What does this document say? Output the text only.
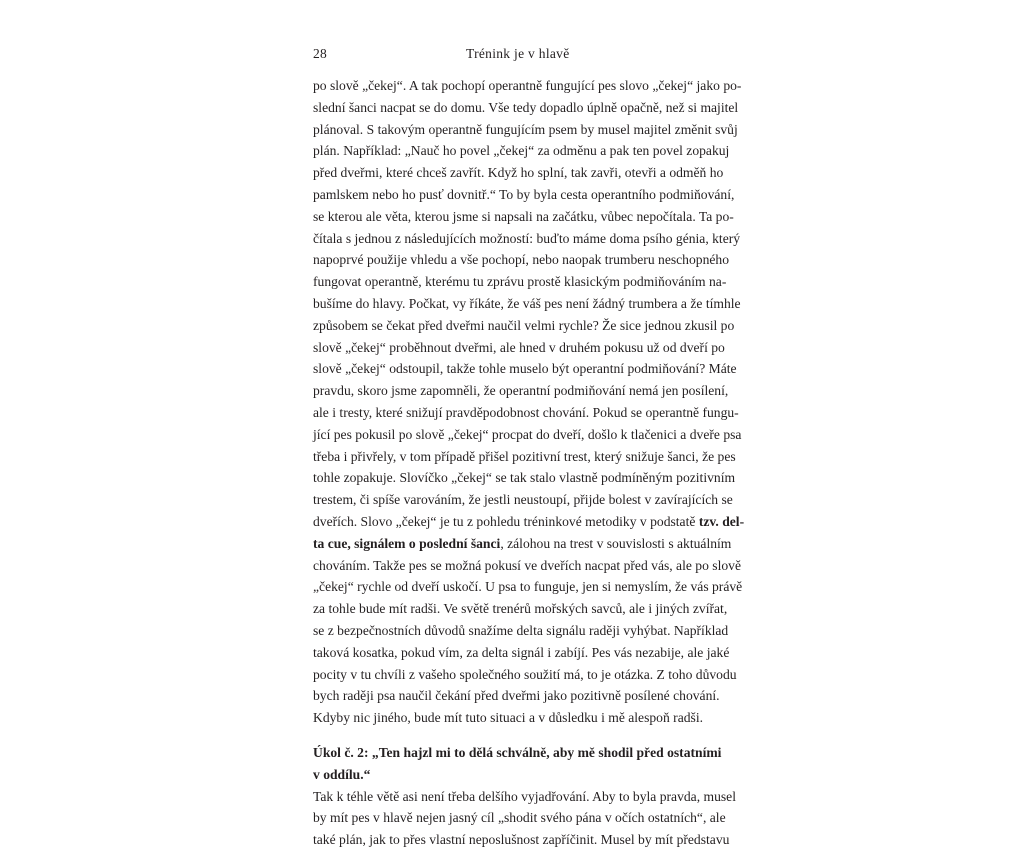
28	Trénink je v hlavě
po slově „čekej“. A tak pochopí operantně fungující pes slovo „čekej“ jako po-
slední šanci nacpat se do domu. Vše tedy dopadlo úplně opačně, než si majitel
plánoval. S takovým operantně fungujícím psem by musel majitel změnit svůj
plán. Například: „Nauč ho povel „čekej“ za odměnu a pak ten povel zopakuj
před dveřmi, které chceš zavřít. Když ho splní, tak zavři, otevři a odměň ho
pamlskem nebo ho pusť dovnitř.“ To by byla cesta operantního podmiňování,
se kterou ale věta, kterou jsme si napsali na začátku, vůbec nepočítala. Ta po-
čítala s jednou z následujících možností: buďto máme doma psího génia, který
napoprvé použije vhledu a vše pochopí, nebo naopak trumberu neschopného
fungovat operantně, kterému tu zprávu prostě klasickým podmiňováním na-
bušíme do hlavy. Počkat, vy říkáte, že váš pes není žádný trumbera a že tímhle
způsobem se čekat před dveřmi naučil velmi rychle? Že sice jednou zkusil po
slově „čekej“ proběhnout dveřmi, ale hned v druhém pokusu už od dveří po
slově „čekej“ odstoupil, takže tohle muselo být operantní podmiňování? Máte
pravdu, skoro jsme zapomněli, že operantní podmiňování nemá jen posílení,
ale i tresty, které snižují pravděpodobnost chování. Pokud se operantně fungu-
jící pes pokusil po slově „čekej“ procpat do dveří, došlo k tlačenici a dveře psa
třeba i přivřely, v tom případě přišel pozitivní trest, který snižuje šanci, že pes
tohle zopakuje. Slovíčko „čekej“ se tak stalo vlastně podmíněným pozitivním
trestem, či spíše varováním, že jestli neustoupí, přijde bolest v zavírajících se
dveřích. Slovo „čekej“ je tu z pohledu tréninkové metodiky v podstatě tzv. del-
ta cue, signálem o poslední šanci, zálohou na trest v souvislosti s aktuálním
chováním. Takže pes se možná pokusí ve dveřích nacpat před vás, ale po slově
„čekej“ rychle od dveří uskočí. U psa to funguje, jen si nemyslím, že vás právě
za tohle bude mít radši. Ve světě trenérů mořských savců, ale i jiných zvířat,
se z bezpečnostních důvodů snažíme delta signálu raději vyhýbat. Například
taková kosatka, pokud vím, za delta signál i zabíjí. Pes vás nezabije, ale jaké
pocity v tu chvíli z vašeho společného soužití má, to je otázka. Z toho důvodu
bych raději psa naučil čekání před dveřmi jako pozitivně posílené chování.
Kdyby nic jiného, bude mít tuto situaci a v důsledku i mě alespoň radši.
Úkol č. 2: „Ten hajzl mi to dělá schválně, aby mě shodil před ostatními
v oddílu.“
Tak k téhle větě asi není třeba delšího vyjadřování. Aby to byla pravda, musel
by mít pes v hlavě nejen jasný cíl „shodit svého pána v očích ostatních“, ale
také plán, jak to přes vlastní neposlušnost zapříčinit. Musel by mít představu
